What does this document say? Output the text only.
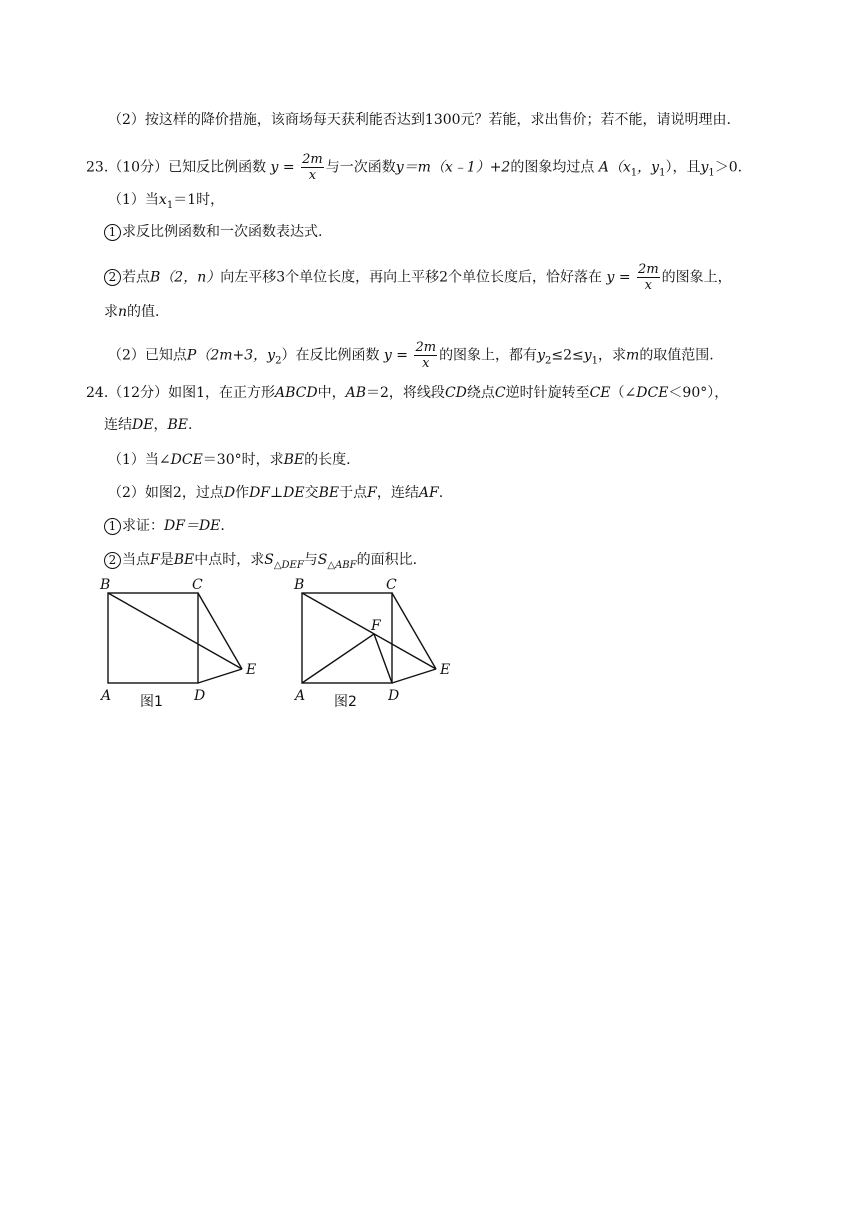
（2）按这样的降价措施，该商场每天获利能否达到1300元？若能，求出售价；若不能，请说明理由.
23.（10分）已知反比例函数 $y = \frac{2m}{x}$ 与一次函数y＝m（x﹣1）+2的图象均过点 $A(x_1$，$y_1$），且$y_1>0$.
（1）当$x_1=1$时，
1 求反比例函数和一次函数表达式.
2 若点B（2，n）向左平移3个单位长度，再向上平移2个单位长度后，恰好落在 $y = \frac{2m}{x}$ 的图象上，
求n的值.
（2）已知点P（2m+3，$y_2$）在反比例函数 $y = \frac{2m}{x}$ 的图象上，都有$y_2\le 2\le y_1$，求m的取值范围.
24.（12分）如图1，在正方形ABCD中，AB＝2，将线段CD绕点C逆时针旋转至CE（∠DCE＜90°），
连结DE，BE.
（1）当∠DCE＝30°时，求BE的长度.
（2）如图2，过点D作DF⊥DE交BE于点F，连结AF.
1 求证：DF＝DE.
2 当点F是BE中点时，求$S_{\triangle DEF}$与$S_{\triangle ABF}$的面积比.
B	C
E
A	D
图1
B	C
F
E
A	D
图2
